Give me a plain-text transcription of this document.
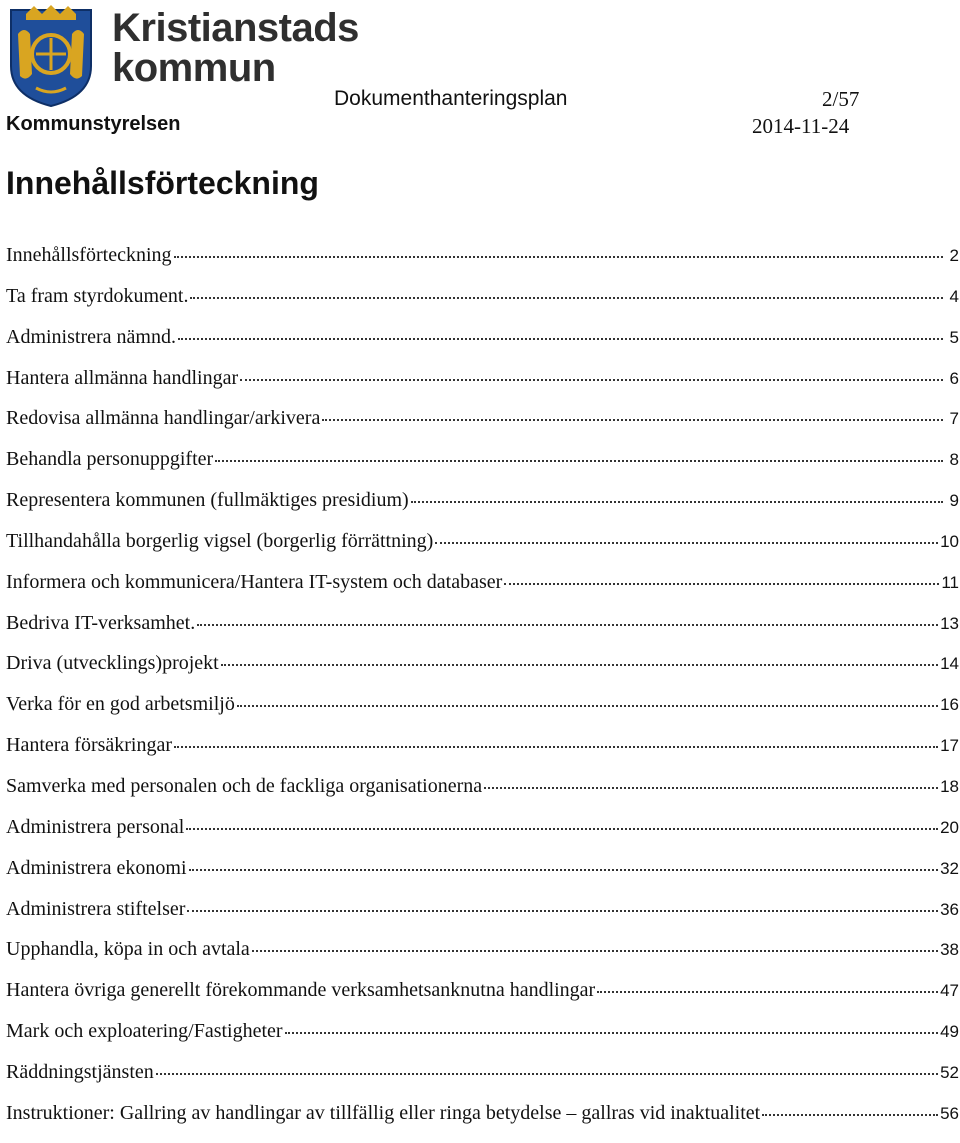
Kristianstads
kommun
Kommunstyrelsen
Dokumenthanteringsplan	2/57
2014-11-24
Innehållsförteckning
Innehållsförteckning	2
Ta fram styrdokument.	4
Administrera nämnd.	5
Hantera allmänna handlingar	6
Redovisa allmänna handlingar/arkivera	7
Behandla personuppgifter	8
Representera kommunen (fullmäktiges presidium)	9
Tillhandahålla borgerlig vigsel (borgerlig förrättning)	10
Informera och kommunicera/Hantera IT-system och databaser	11
Bedriva IT-verksamhet.	13
Driva (utvecklings)projekt	14
Verka för en god arbetsmiljö	16
Hantera försäkringar	17
Samverka med personalen och de fackliga organisationerna	18
Administrera personal	20
Administrera ekonomi	32
Administrera stiftelser	36
Upphandla, köpa in och avtala	38
Hantera övriga generellt förekommande verksamhetsanknutna handlingar	47
Mark och exploatering/Fastigheter	49
Räddningstjänsten	52
Instruktioner: Gallring av handlingar av tillfällig eller ringa betydelse – gallras vid inaktualitet	56
